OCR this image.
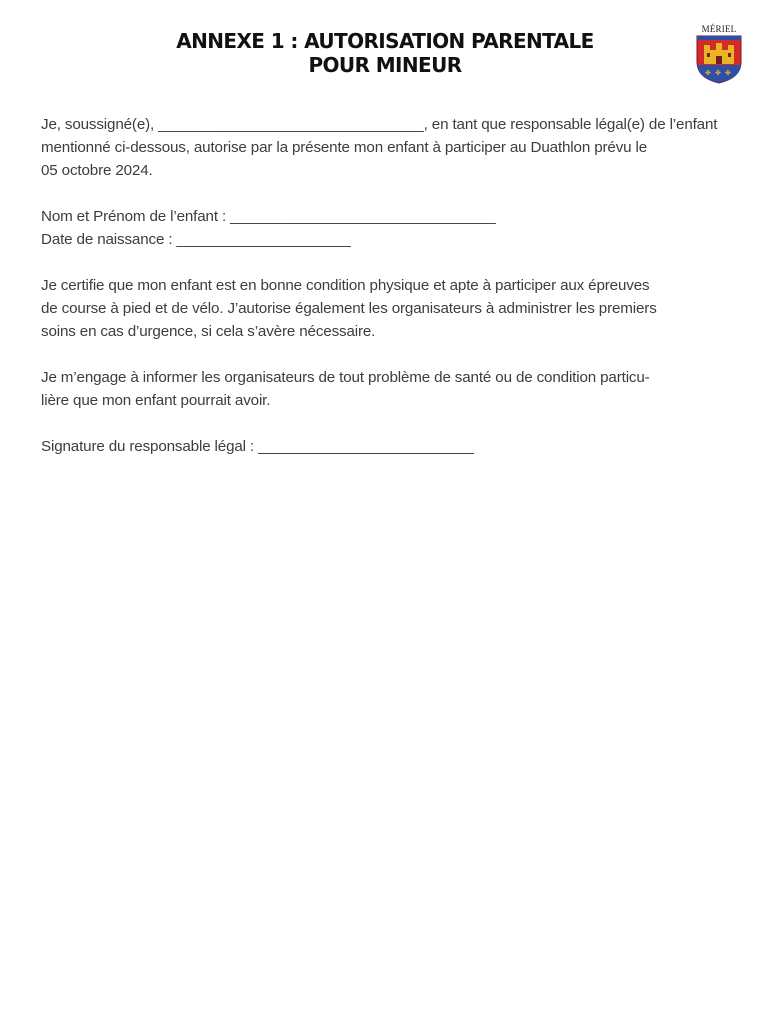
ANNEXE 1 : AUTORISATION PARENTALE
POUR MINEUR
MÉRIEL
✤ ✤ ✤
Je, soussigné(e), ________________________________, en tant que responsable légal(e) de l’enfant
mentionné ci-dessous, autorise par la présente mon enfant à participer au Duathlon prévu le
05 octobre 2024.
Nom et Prénom de l’enfant : ________________________________
Date de naissance : _____________________
Je certifie que mon enfant est en bonne condition physique et apte à participer aux épreuves
de course à pied et de vélo. J’autorise également les organisateurs à administrer les premiers
soins en cas d’urgence, si cela s’avère nécessaire.
Je m’engage à informer les organisateurs de tout problème de santé ou de condition particu-
lière que mon enfant pourrait avoir.
Signature du responsable légal : __________________________
